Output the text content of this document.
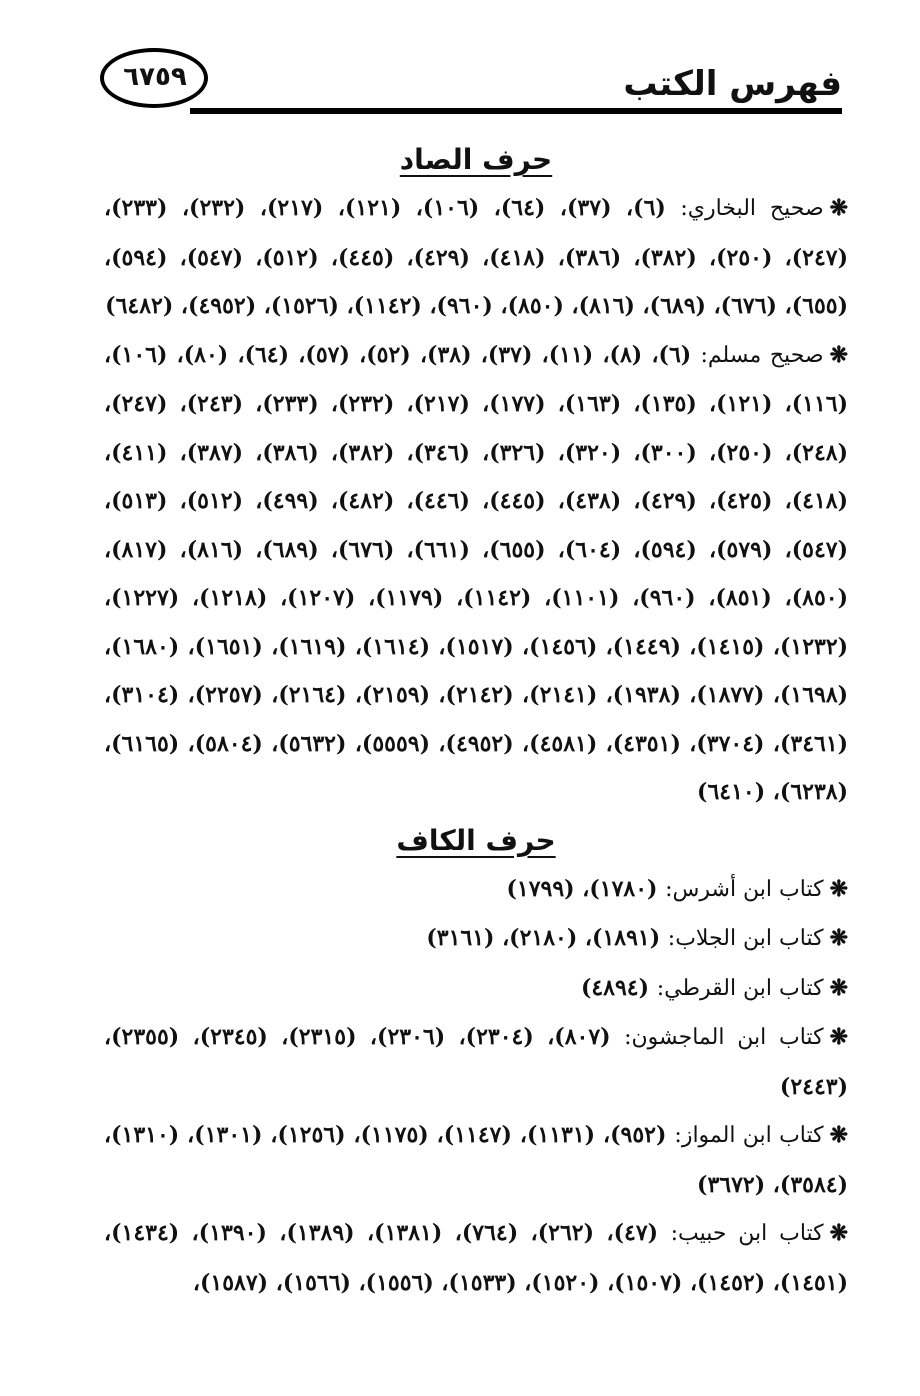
فهرس الكتب
٦٧٥٩
حرف الصاد

❋صحيح البخاري: (٦)، (٣٧)، (٦٤)، (١٠٦)، (١٢١)، (٢١٧)، (٢٣٢)، (٢٣٣)، (٢٤٧)، (٢٥٠)، (٣٨٢)، (٣٨٦)، (٤١٨)، (٤٢٩)، (٤٤٥)، (٥١٢)، (٥٤٧)، (٥٩٤)، (٦٥٥)، (٦٧٦)، (٦٨٩)، (٨١٦)، (٨٥٠)، (٩٦٠)، (١١٤٢)، (١٥٢٦)، (٤٩٥٢)، (٦٤٨٢)

❋صحيح مسلم: (٦)، (٨)، (١١)، (٣٧)، (٣٨)، (٥٢)، (٥٧)، (٦٤)، (٨٠)، (١٠٦)، (١١٦)، (١٢١)، (١٣٥)، (١٦٣)، (١٧٧)، (٢١٧)، (٢٣٢)، (٢٣٣)، (٢٤٣)، (٢٤٧)، (٢٤٨)، (٢٥٠)، (٣٠٠)، (٣٢٠)، (٣٢٦)، (٣٤٦)، (٣٨٢)، (٣٨٦)، (٣٨٧)، (٤١١)، (٤١٨)، (٤٢٥)، (٤٢٩)، (٤٣٨)، (٤٤٥)، (٤٤٦)، (٤٨٢)، (٤٩٩)، (٥١٢)، (٥١٣)، (٥٤٧)، (٥٧٩)، (٥٩٤)، (٦٠٤)، (٦٥٥)، (٦٦١)، (٦٧٦)، (٦٨٩)، (٨١٦)، (٨١٧)، (٨٥٠)، (٨٥١)، (٩٦٠)، (١١٠١)، (١١٤٢)، (١١٧٩)، (١٢٠٧)، (١٢١٨)، (١٢٢٧)، (١٢٣٢)، (١٤١٥)، (١٤٤٩)، (١٤٥٦)، (١٥١٧)، (١٦١٤)، (١٦١٩)، (١٦٥١)، (١٦٨٠)، (١٦٩٨)، (١٨٧٧)، (١٩٣٨)، (٢١٤١)، (٢١٤٢)، (٢١٥٩)، (٢١٦٤)، (٢٢٥٧)، (٣١٠٤)، (٣٤٦١)، (٣٧٠٤)، (٤٣٥١)، (٤٥٨١)، (٤٩٥٢)، (٥٥٥٩)، (٥٦٣٢)، (٥٨٠٤)، (٦١٦٥)، (٦٢٣٨)، (٦٤١٠)

حرف الكاف

❋كتاب ابن أشرس: (١٧٨٠)، (١٧٩٩)

❋كتاب ابن الجلاب: (١٨٩١)، (٢١٨٠)، (٣١٦١)

❋كتاب ابن القرطي: (٤٨٩٤)

❋كتاب ابن الماجشون: (٨٠٧)، (٢٣٠٤)، (٢٣٠٦)، (٢٣١٥)، (٢٣٤٥)، (٢٣٥٥)، (٢٤٤٣)

❋كتاب ابن المواز: (٩٥٢)، (١١٣١)، (١١٤٧)، (١١٧٥)، (١٢٥٦)، (١٣٠١)، (١٣١٠)، (٣٥٨٤)، (٣٦٧٢)

❋كتاب ابن حبيب: (٤٧)، (٢٦٢)، (٧٦٤)، (١٣٨١)، (١٣٨٩)، (١٣٩٠)، (١٤٣٤)، (١٤٥١)، (١٤٥٢)، (١٥٠٧)، (١٥٢٠)، (١٥٣٣)، (١٥٥٦)، (١٥٦٦)، (١٥٨٧)،
